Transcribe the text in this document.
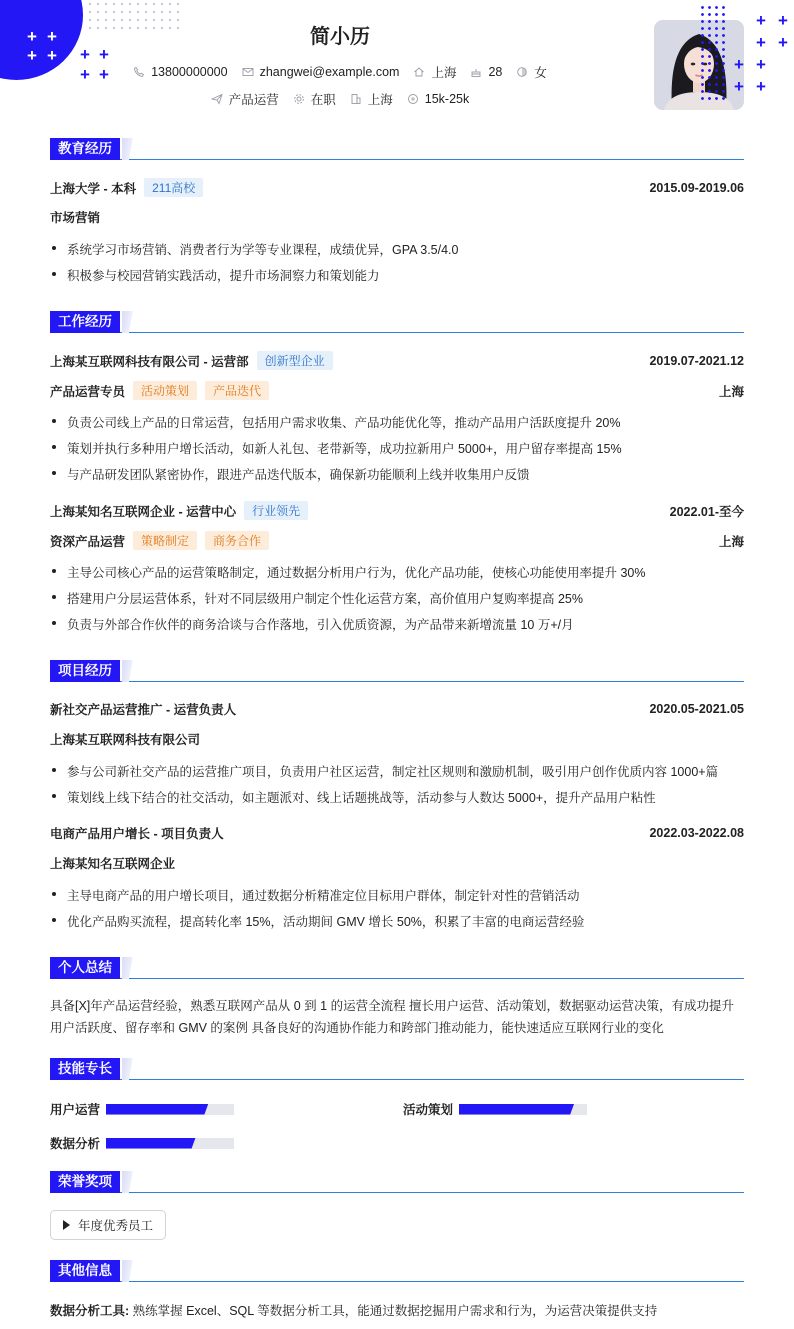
+ +
+ + + +
+ +
简小历
13800000000	zhangwei@example.com	上海	28	女
产品运营	在职	上海	15k-25k
+ +
+ +
+ +
+ +
教育经历
上海大学 - 本科	211高校	2015.09-2019.06
市场营销
系统学习市场营销、消费者行为学等专业课程，成绩优异，GPA 3.5/4.0
积极参与校园营销实践活动，提升市场洞察力和策划能力
工作经历
上海某互联网科技有限公司 - 运营部	创新型企业	2019.07-2021.12
产品运营专员	活动策划	产品迭代	上海
负责公司线上产品的日常运营，包括用户需求收集、产品功能优化等，推动产品用户活跃度提升 20%
策划并执行多种用户增长活动，如新人礼包、老带新等，成功拉新用户 5000+，用户留存率提高 15%
与产品研发团队紧密协作，跟进产品迭代版本，确保新功能顺利上线并收集用户反馈
上海某知名互联网企业 - 运营中心	行业领先	2022.01-至今
资深产品运营	策略制定	商务合作	上海
主导公司核心产品的运营策略制定，通过数据分析用户行为，优化产品功能，使核心功能使用率提升 30%
搭建用户分层运营体系，针对不同层级用户制定个性化运营方案，高价值用户复购率提高 25%
负责与外部合作伙伴的商务洽谈与合作落地，引入优质资源，为产品带来新增流量 10 万+/月
项目经历
新社交产品运营推广 - 运营负责人	2020.05-2021.05
上海某互联网科技有限公司
参与公司新社交产品的运营推广项目，负责用户社区运营，制定社区规则和激励机制，吸引用户创作优质内容 1000+篇
策划线上线下结合的社交活动，如主题派对、线上话题挑战等，活动参与人数达 5000+，提升产品用户粘性
电商产品用户增长 - 项目负责人	2022.03-2022.08
上海某知名互联网企业
主导电商产品的用户增长项目，通过数据分析精准定位目标用户群体，制定针对性的营销活动
优化产品购买流程，提高转化率 15%，活动期间 GMV 增长 50%，积累了丰富的电商运营经验
个人总结
具备[X]年产品运营经验，熟悉互联网产品从 0 到 1 的运营全流程 擅长用户运营、活动策划，数据驱动运营决策，有成功提升用户活跃度、留存率和 GMV 的案例 具备良好的沟通协作能力和跨部门推动能力，能快速适应互联网行业的变化
技能专长
用户运营	活动策划
数据分析
荣誉奖项
年度优秀员工
其他信息
数据分析工具: 熟练掌握 Excel、SQL 等数据分析工具，能通过数据挖掘用户需求和行为，为运营决策提供支持
